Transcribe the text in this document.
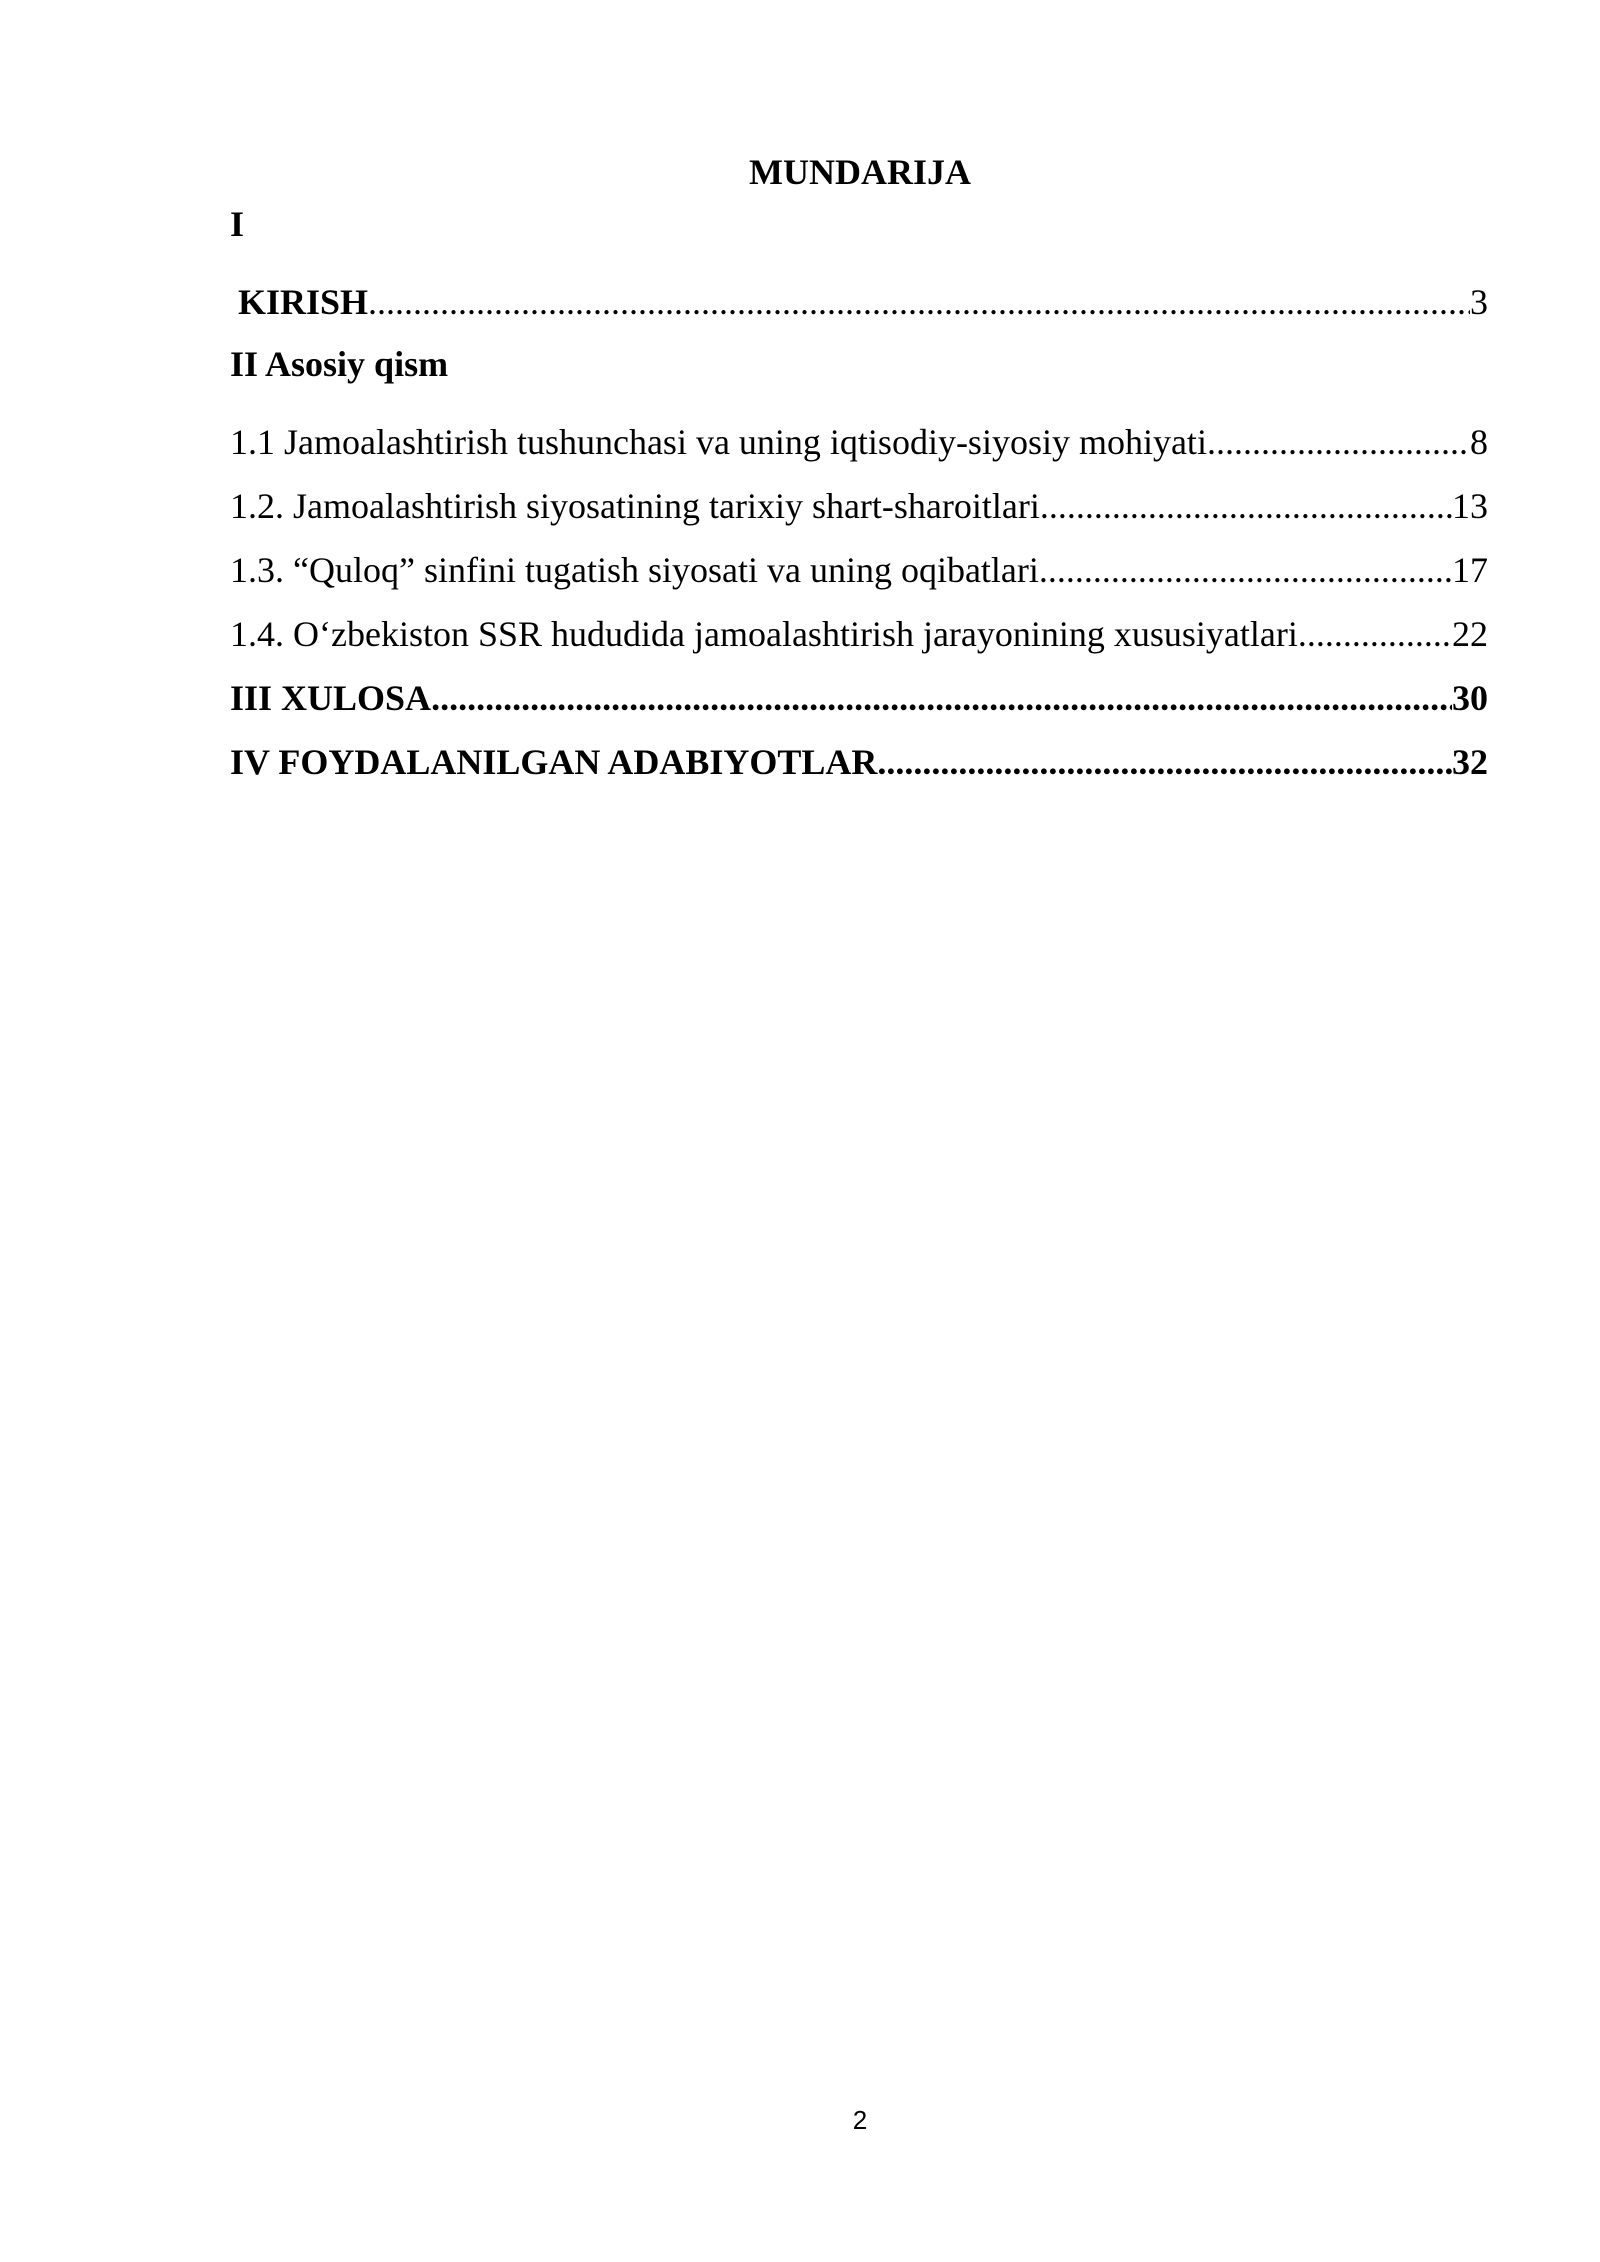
MUNDARIJA
I
KIRISH .....	3
II Asosiy qism
1.1 Jamoalashtirish tushunchasi va uning iqtisodiy-siyosiy mohiyati .....	8
1.2. Jamoalashtirish siyosatining tarixiy shart-sharoitlari .....	13
1.3. “Quloq” sinfini tugatish siyosati va uning oqibatlari .....	17
1.4. O‘zbekiston SSR hududida jamoalashtirish jarayonining xususiyatlari .....	22
III XULOSA .....	30
IV FOYDALANILGAN ADABIYOTLAR .....	32
2
